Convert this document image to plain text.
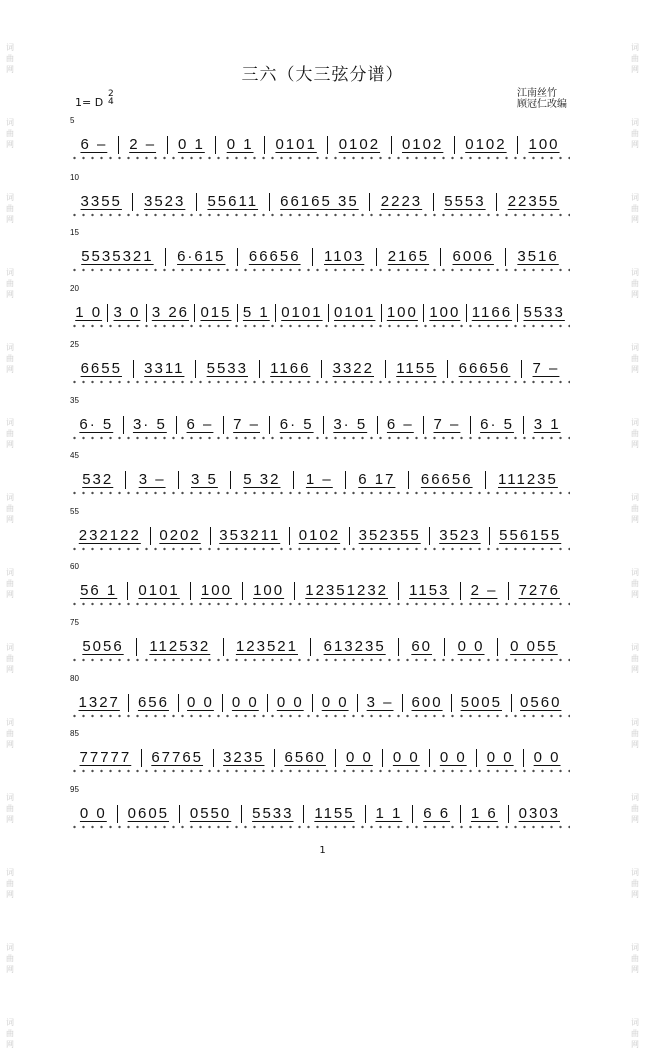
词
曲
网
词
曲
网
词
曲
网
词
曲
网
词
曲
网
词
曲
网
词
曲
网
词
曲
网
词
曲
网
词
曲
网
词
曲
网
词
曲
网
词
曲
网
词
曲
网
词
曲
网
词
曲
网
词
曲
网
词
曲
网
词
曲
网
词
曲
网
词
曲
网
词
曲
网
词
曲
网
词
曲
网
词
曲
网
词
曲
网
词
曲
网
词
曲
网
三六（大三弦分谱）
江南丝竹
顾冠仁改编
1= D
2
4
5
6 –	2 –	0 1	0 1	0101	0102	0102	0102	100
10
3355	3523	55611	66165 35	2223	5553	22355
15
5535321	6·615	66656	1103	2165	6006	3516
20
1 0 3 0 3 26 015 5 1 0101 0101 100 100 1166 5533
25
6655	3311	5533	1166	3322	1155	66656	7 –
35
6· 5	3· 5	6 –	7 –	6· 5	3· 5	6 –	7 –	6· 5	3 1
45
532	3 –	3 5	5 32	1 –	6 17	66656	111235
55
232122	0202	353211	0102	352355	3523	556155
60
56 1	0101	100	100	12351232	1153	2 –	7276
75
5056	112532	123521	613235	60	0 0	0 055
80
1327	656	0 0	0 0	0 0	0 0	3 –	600	5005	0560
85
77777	67765	3235	6560	0 0	0 0	0 0	0 0	0 0
95
0 0	0605	0550	5533	1155	1 1	6 6	1 6	0303
1
